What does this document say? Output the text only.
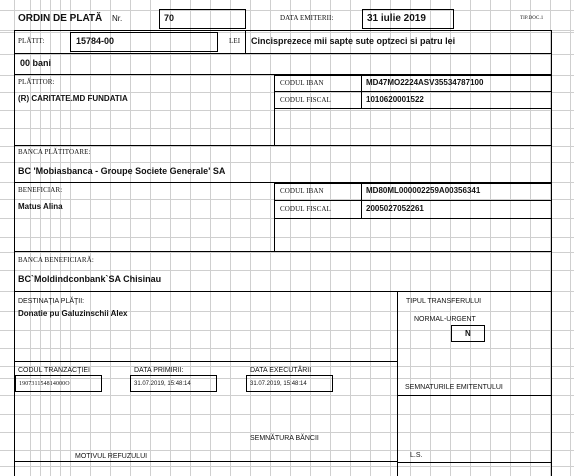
ORDIN DE PLATĂ Nr.	70	DATA EMITERII:	31 iulie 2019	TIP.DOC.1
PLĂTIT:	15784-00	LEI Cincisprezece mii sapte sute optzeci si patru lei
00 bani
PLĂTITOR:
(R) CARITATE.MD FUNDATIA
CODUL IBAN	MD47MO2224ASV35534787100
CODUL FISCAL	1010620001522
BANCA PLĂTITOARE:
BC 'Mobiasbanca - Groupe Societe Generale' SA
BENEFICIAR:
Matus Alina
CODUL IBAN	MD80ML000002259A00356341
CODUL FISCAL	2005027052261
BANCA BENEFICIARĂ:
BC`Moldindconbank`SA Chisinau
DESTINAŢIA PLĂŢII:
Donatie pu Galuzinschii Alex
TIPUL TRANSFERULUI
NORMAL-URGENT
N
CODUL TRANZACŢIEI
190731154814000O
DATA PRIMIRII:
31.07.2019, 15:48:14
DATA EXECUTĂRII
31.07.2019, 15:48:14	SEMNATURILE EMITENTULUI
SEMNĂTURA BĂNCII
MOTIVUL REFUZULUI	L.S.
